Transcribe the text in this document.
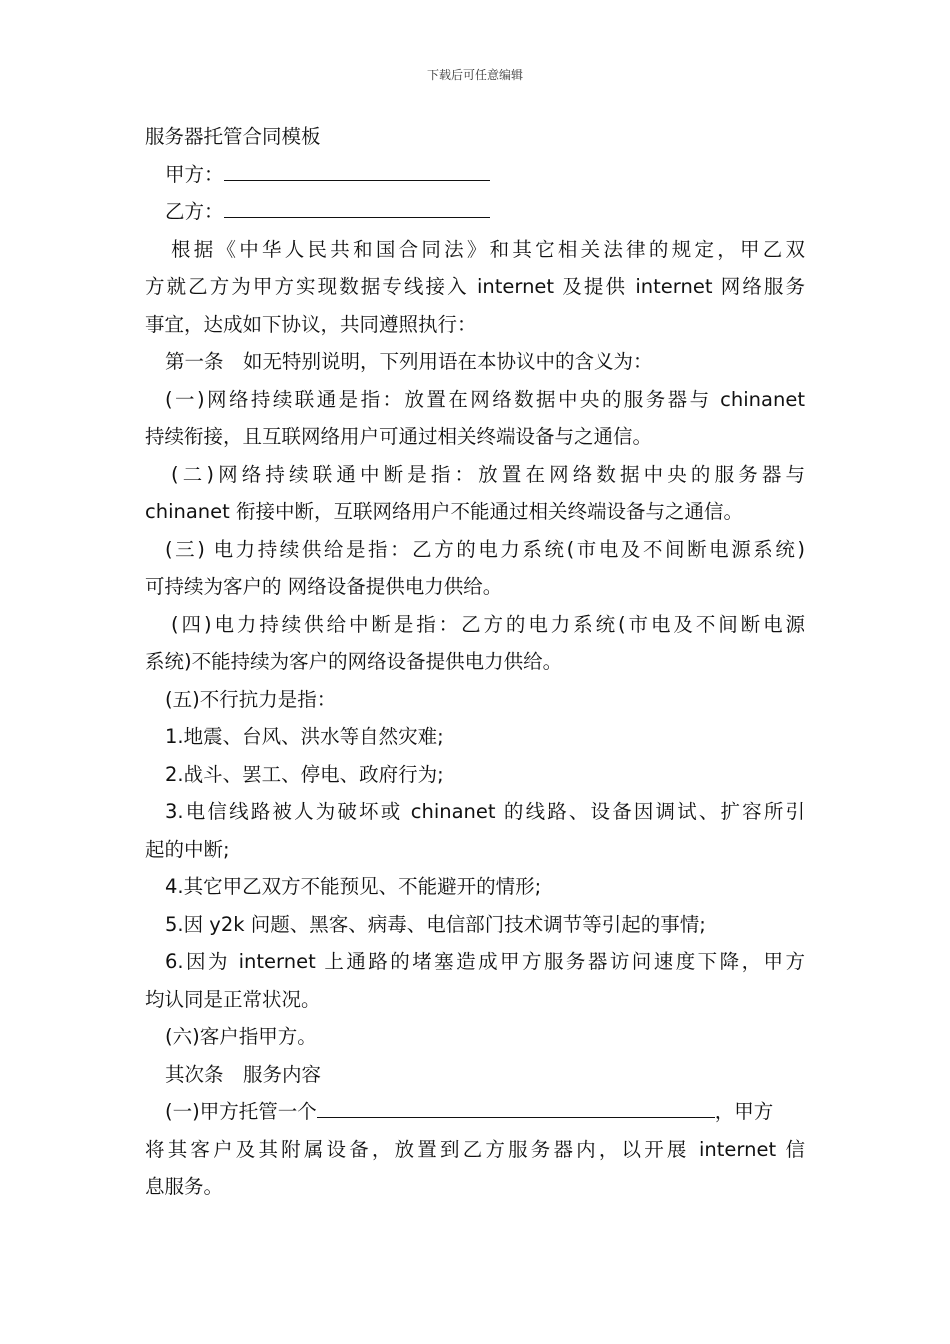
下载后可任意编辑
服务器托管合同模板
甲方：
乙方：
根据《中华人民共和国合同法》和其它相关法律的规定，甲乙双
方就乙方为甲方实现数据专线接入 internet 及提供 internet 网络服务
事宜，达成如下协议，共同遵照执行：
第一条　如无特别说明，下列用语在本协议中的含义为：
(一)网络持续联通是指：放置在网络数据中央的服务器与 chinanet
持续衔接，且互联网络用户可通过相关终端设备与之通信。
(二)网络持续联通中断是指：放置在网络数据中央的服务器与
chinanet 衔接中断，互联网络用户不能通过相关终端设备与之通信。
(三) 电力持续供给是指：乙方的电力系统(市电及不间断电源系统)
可持续为客户的 网络设备提供电力供给。
(四)电力持续供给中断是指：乙方的电力系统(市电及不间断电源
系统)不能持续为客户的网络设备提供电力供给。
(五)不行抗力是指：
1.地震、台风、洪水等自然灾难;
2.战斗、罢工、停电、政府行为;
3.电信线路被人为破坏或 chinanet 的线路、设备因调试、扩容所引
起的中断;
4.其它甲乙双方不能预见、不能避开的情形;
5.因 y2k 问题、黑客、病毒、电信部门技术调节等引起的事情;
6.因为 internet 上通路的堵塞造成甲方服务器访问速度下降，甲方
均认同是正常状况。
(六)客户指甲方。
其次条　服务内容
(一)甲方托管一个	，甲方
将其客户及其附属设备，放置到乙方服务器内，以开展 internet 信
息服务。
